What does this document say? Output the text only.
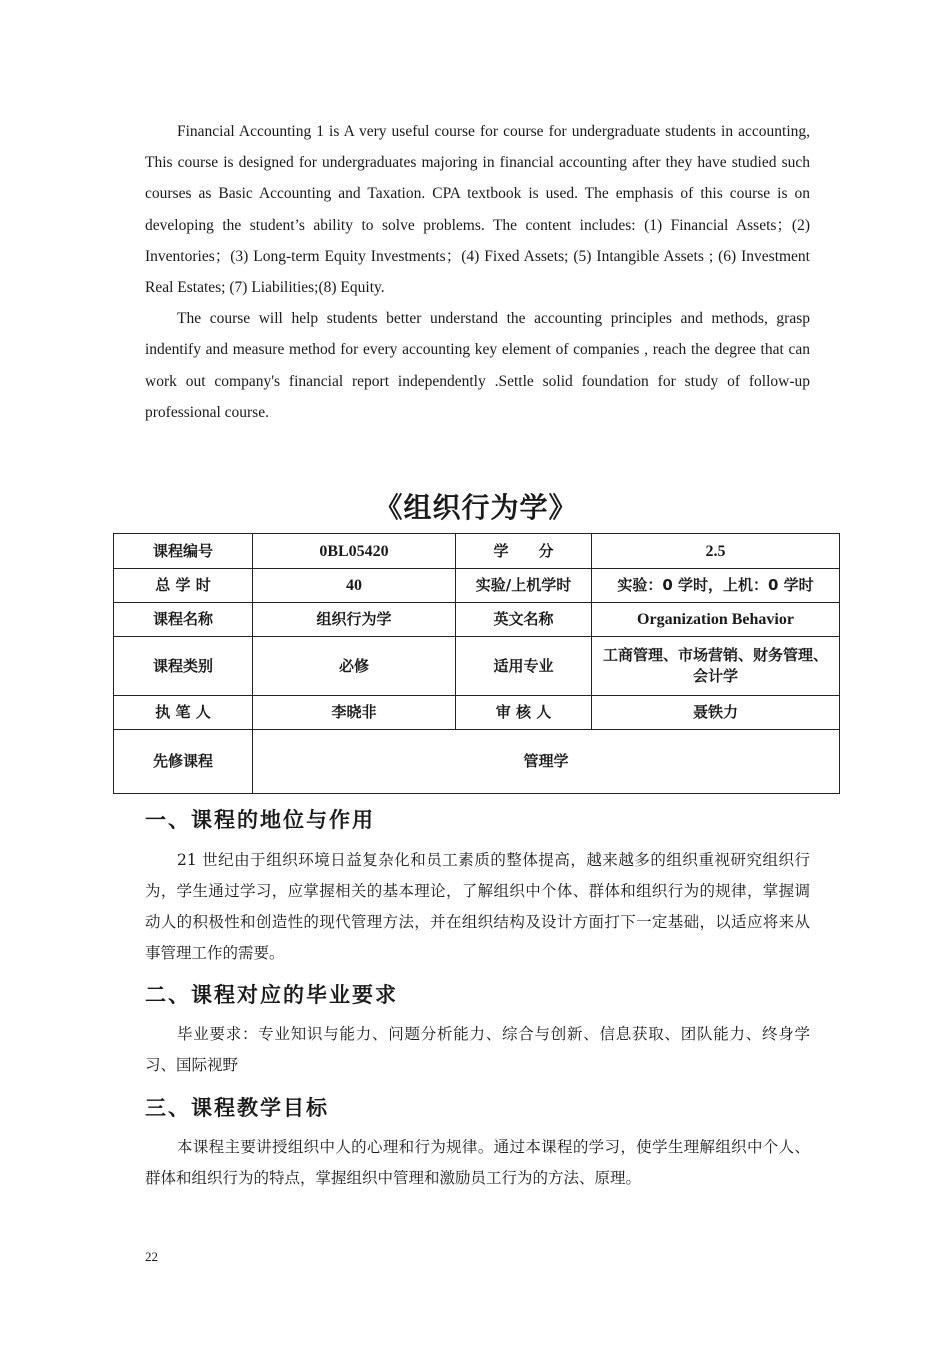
Financial Accounting 1 is A very useful course for course for undergraduate students in accounting, This course is designed for undergraduates majoring in financial accounting after they have studied such courses as Basic Accounting and Taxation. CPA textbook is used. The emphasis of this course is on developing the student’s ability to solve problems. The content includes: (1) Financial Assets；(2) Inventories；(3) Long-term Equity Investments；(4) Fixed Assets; (5) Intangible Assets ; (6) Investment Real Estates; (7) Liabilities;(8) Equity.

The course will help students better understand the accounting principles and methods, grasp indentify and measure method for every accounting key element of companies , reach the degree that can work out company's financial report independently .Settle solid foundation for study of follow-up professional course.

《组织行为学》
课程编号	0BL05420	学　　分	2.5
总 学 时	40	实验/上机学时	实验：0 学时，上机：0 学时
课程名称	组织行为学	英文名称	Organization Behavior
课程类别	必修	适用专业	工商管理、市场营销、财务管理、会计学
执 笔 人	李晓非	审 核 人	聂铁力
先修课程	管理学		
一、课程的地位与作用

21 世纪由于组织环境日益复杂化和员工素质的整体提高，越来越多的组织重视研究组织行为，学生通过学习，应掌握相关的基本理论，了解组织中个体、群体和组织行为的规律，掌握调动人的积极性和创造性的现代管理方法，并在组织结构及设计方面打下一定基础，以适应将来从事管理工作的需要。

二、课程对应的毕业要求

毕业要求：专业知识与能力、问题分析能力、综合与创新、信息获取、团队能力、终身学习、国际视野

三、课程教学目标

本课程主要讲授组织中人的心理和行为规律。通过本课程的学习，使学生理解组织中个人、群体和组织行为的特点，掌握组织中管理和激励员工行为的方法、原理。

22
